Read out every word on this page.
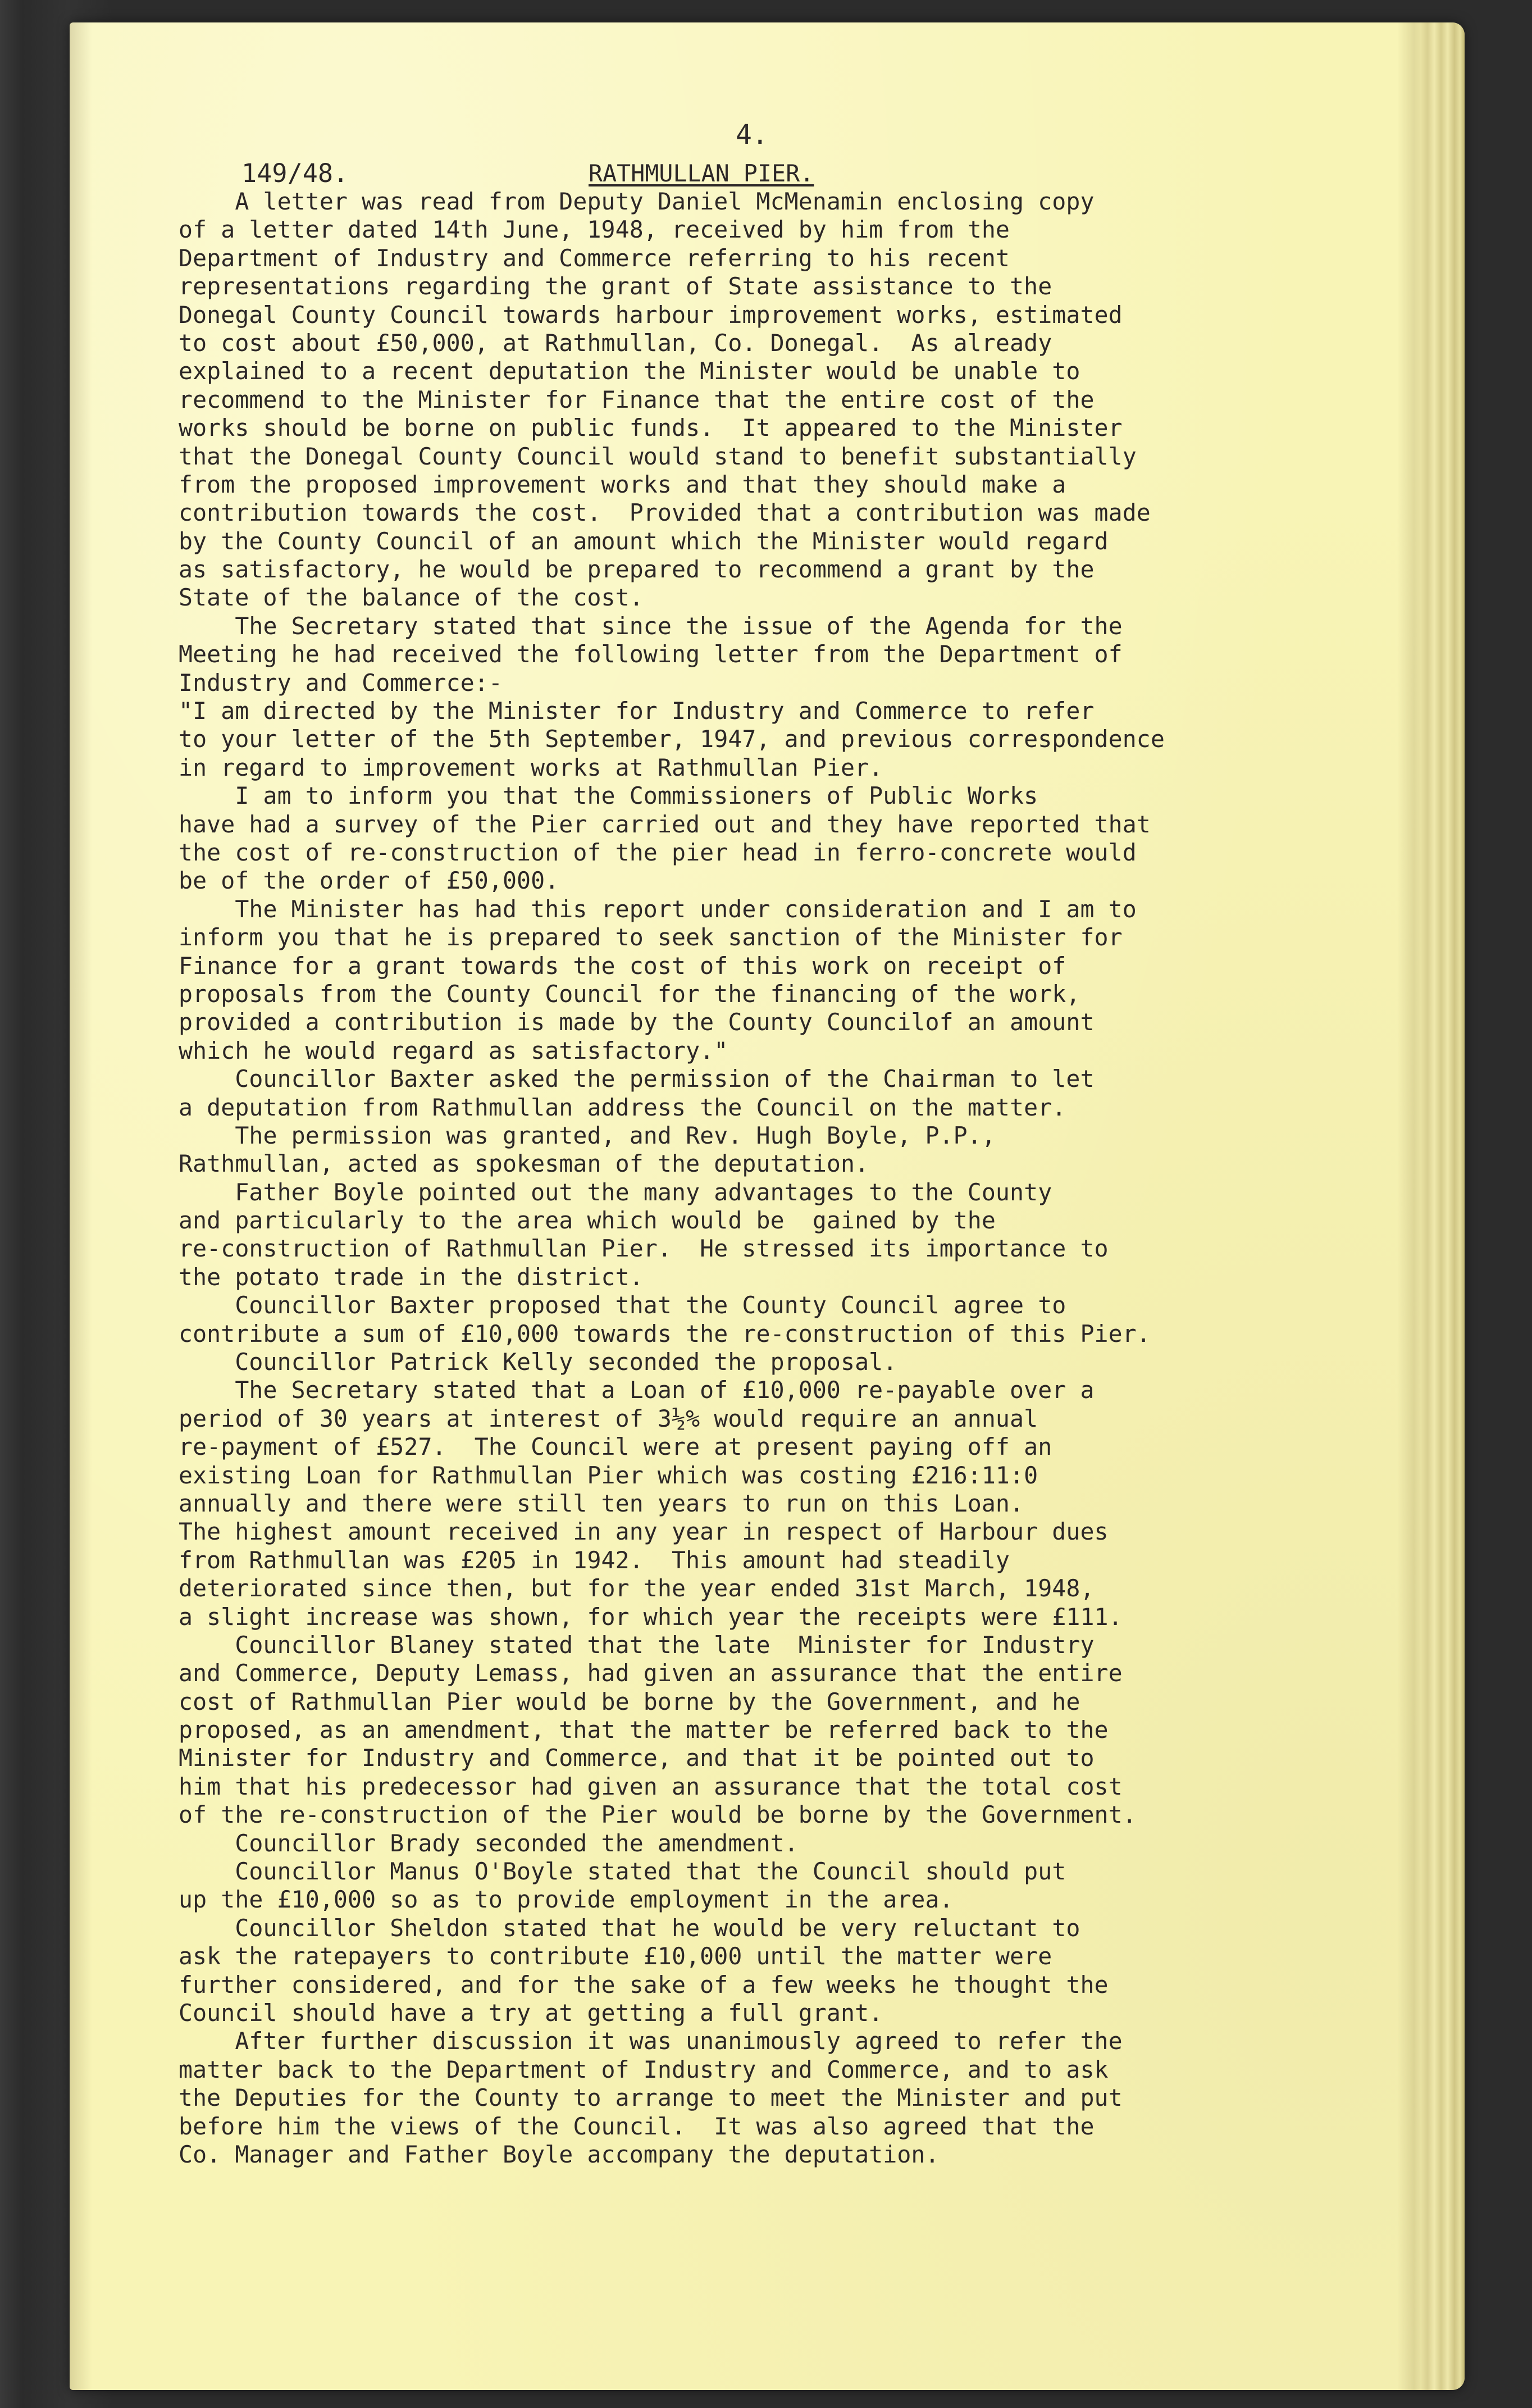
4.

149/48.

	RATHMULLAN PIER.

A letter was read from Deputy Daniel McMenamin enclosing copy
of a letter dated 14th June, 1948, received by him from the
Department of Industry and Commerce referring to his recent
representations regarding the grant of State assistance to the
Donegal County Council towards harbour improvement works, estimated
to cost about £50,000, at Rathmullan, Co. Donegal.  As already
explained to a recent deputation the Minister would be unable to
recommend to the Minister for Finance that the entire cost of the
works should be borne on public funds.  It appeared to the Minister
that the Donegal County Council would stand to benefit substantially
from the proposed improvement works and that they should make a
contribution towards the cost.  Provided that a contribution was made
by the County Council of an amount which the Minister would regard
as satisfactory, he would be prepared to recommend a grant by the
State of the balance of the cost.
The Secretary stated that since the issue of the Agenda for the
Meeting he had received the following letter from the Department of
Industry and Commerce:-
"I am directed by the Minister for Industry and Commerce to refer
to your letter of the 5th September, 1947, and previous correspondence
in regard to improvement works at Rathmullan Pier.
I am to inform you that the Commissioners of Public Works
have had a survey of the Pier carried out and they have reported that
the cost of re-construction of the pier head in ferro-concrete would
be of the order of £50,000.
The Minister has had this report under consideration and I am to
inform you that he is prepared to seek sanction of the Minister for
Finance for a grant towards the cost of this work on receipt of
proposals from the County Council for the financing of the work,
provided a contribution is made by the County Councilof an amount
which he would regard as satisfactory."
Councillor Baxter asked the permission of the Chairman to let
a deputation from Rathmullan address the Council on the matter.
The permission was granted, and Rev. Hugh Boyle, P.P.,
Rathmullan, acted as spokesman of the deputation.
Father Boyle pointed out the many advantages to the County
and particularly to the area which would be  gained by the
re-construction of Rathmullan Pier.  He stressed its importance to
the potato trade in the district.
Councillor Baxter proposed that the County Council agree to
contribute a sum of £10,000 towards the re-construction of this Pier.
Councillor Patrick Kelly seconded the proposal.
The Secretary stated that a Loan of £10,000 re-payable over a
period of 30 years at interest of 3½% would require an annual
re-payment of £527.  The Council were at present paying off an
existing Loan for Rathmullan Pier which was costing £216:11:0
annually and there were still ten years to run on this Loan.
The highest amount received in any year in respect of Harbour dues
from Rathmullan was £205 in 1942.  This amount had steadily
deteriorated since then, but for the year ended 31st March, 1948,
a slight increase was shown, for which year the receipts were £111.
Councillor Blaney stated that the late  Minister for Industry
and Commerce, Deputy Lemass, had given an assurance that the entire
cost of Rathmullan Pier would be borne by the Government, and he
proposed, as an amendment, that the matter be referred back to the
Minister for Industry and Commerce, and that it be pointed out to
him that his predecessor had given an assurance that the total cost
of the re-construction of the Pier would be borne by the Government.
Councillor Brady seconded the amendment.
Councillor Manus O'Boyle stated that the Council should put
up the £10,000 so as to provide employment in the area.
Councillor Sheldon stated that he would be very reluctant to
ask the ratepayers to contribute £10,000 until the matter were
further considered, and for the sake of a few weeks he thought the
Council should have a try at getting a full grant.
After further discussion it was unanimously agreed to refer the
matter back to the Department of Industry and Commerce, and to ask
the Deputies for the County to arrange to meet the Minister and put
before him the views of the Council.  It was also agreed that the
Co. Manager and Father Boyle accompany the deputation.
